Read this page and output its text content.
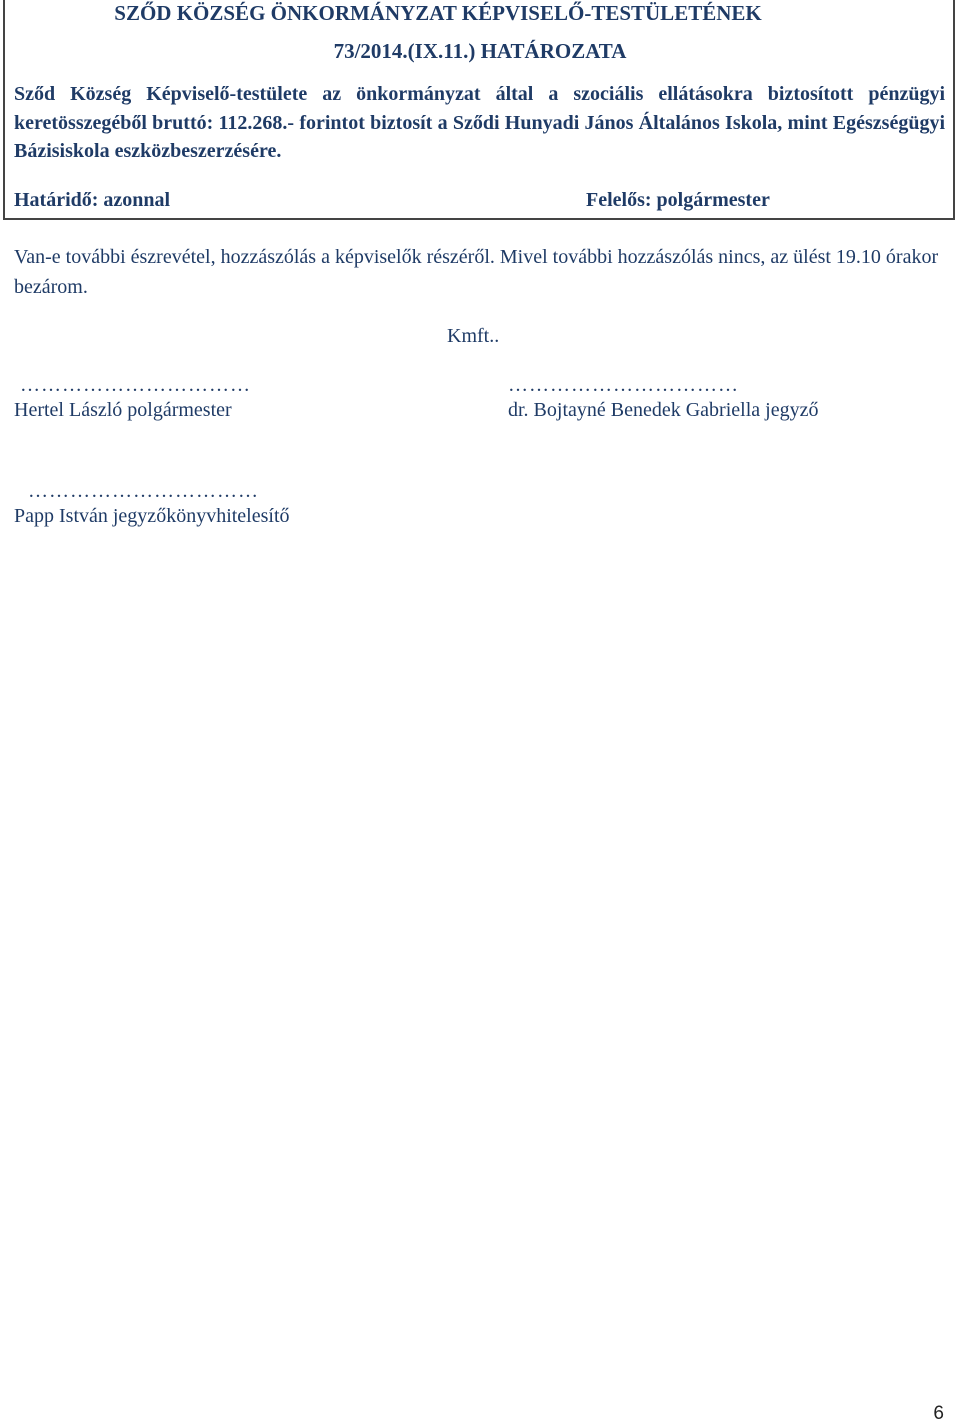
SZŐD KÖZSÉG ÖNKORMÁNYZAT KÉPVISELŐ-TESTÜLETÉNEK
73/2014.(IX.11.) HATÁROZATA

Sződ Község Képviselő-testülete az önkormányzat által a szociális ellátásokra biztosított pénzügyi keretösszegéből bruttó: 112.268.- forintot biztosít a Sződi Hunyadi János Általános Iskola, mint Egészségügyi Bázisiskola eszközbeszerzésére.

Határidő: azonnal	Felelős: polgármester

Van-e további észrevétel, hozzászólás a képviselők részéről. Mivel további hozzászólás nincs, az ülést 19.10 órakor bezárom.

Kmft..
……………………………
Hertel László polgármester
……………………………
dr. Bojtayné Benedek Gabriella jegyző
……………………………
Papp István jegyzőkönyvhitelesítő
6
